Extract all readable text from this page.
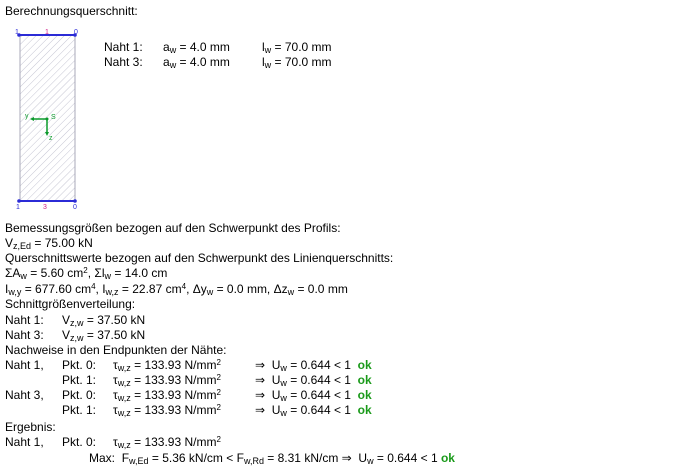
Berechnungsquerschnitt:
1	1	0
1	3	0
y
z
S
Naht 1: $a_w = 4.0$ mm	$l_w = 70.0$ mm
Naht 3: $a_w = 4.0$ mm	$l_w = 70.0$ mm
Bemessungsgrößen bezogen auf den Schwerpunkt des Profils:
$V_{z,Ed} = 75.00$ kN
Querschnittswerte bezogen auf den Schwerpunkt des Linienquerschnitts:
$\Sigma A_w = 5.60$ $cm^2$, $\Sigma l_w = 14.0$ cm
$I_{w,y} = 677.60$ $cm^4$, $I_{w,z} = 22.87$ $cm^4$, $\Delta y_w = 0.0$ mm, $\Delta z_w = 0.0$ mm
Schnittgrößenverteilung:
Naht 1: $V_{z,w} = 37.50$ kN
Naht 3: $V_{z,w} = 37.50$ kN
Nachweise in den Endpunkten der Nähte:
Naht 1, Pkt. 0: $\tau_{w,z} = 133.93$ $N/mm^2$	⇒ $U_w = 0.644 < 1$ ok
Pkt. 1: $\tau_{w,z} = 133.93$ $N/mm^2$	⇒ $U_w = 0.644 < 1$ ok
Naht 3, Pkt. 0: $\tau_{w,z} = 133.93$ $N/mm^2$	⇒ $U_w = 0.644 < 1$ ok
Pkt. 1: $\tau_{w,z} = 133.93$ $N/mm^2$	⇒ $U_w = 0.644 < 1$ ok
Ergebnis:
Naht 1, Pkt. 0: $\tau_{w,z} = 133.93$ $N/mm^2$
Max: $F_{w,Ed} = 5.36$ $kN/cm < F_{w,Rd} = 8.31$ kN/cm ⇒ $U_w = 0.644 < 1$ ok
